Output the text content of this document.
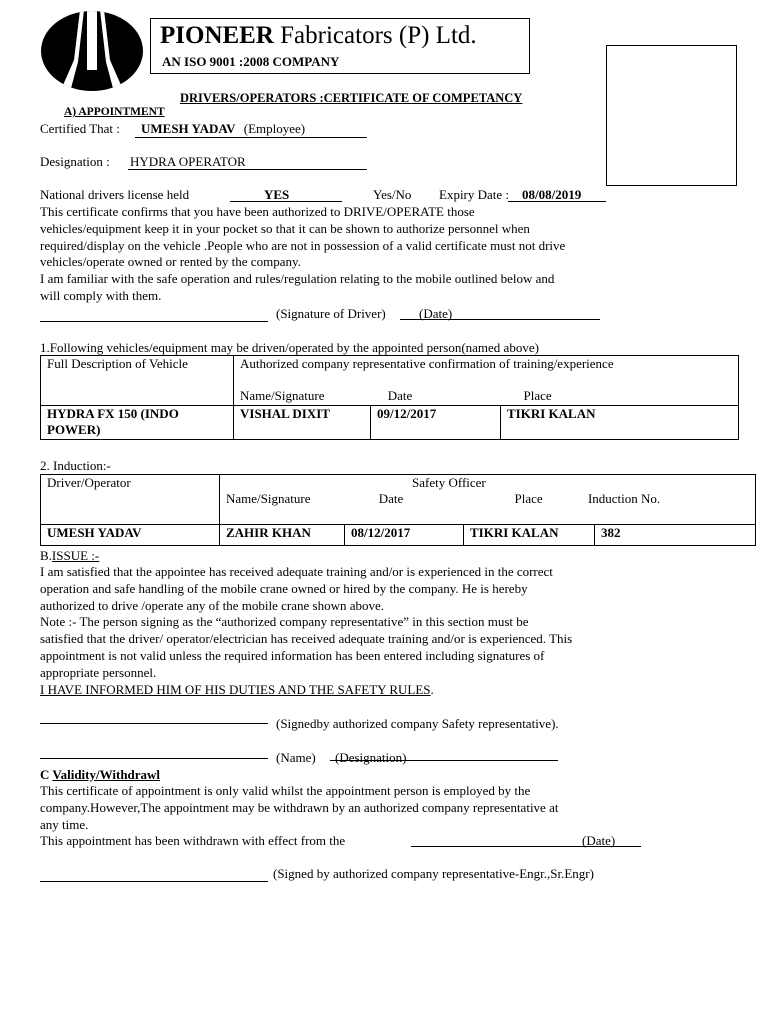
PIONEER Fabricators (P) Ltd.
AN ISO 9001 :2008 COMPANY
DRIVERS/OPERATORS :CERTIFICATE OF COMPETANCY
A) APPOINTMENT
Certified That : UMESH YADAV (Employee)
Designation : HYDRA OPERATOR
National drivers license held	YES	Yes/No Expiry Date : 08/08/2019
This certificate confirms that you have been authorized to DRIVE/OPERATE those
vehicles/equipment keep it in your pocket so that it can be shown to authorize personnel when
required/display on the vehicle .People who are not in possession of a valid certificate must not drive
vehicles/operate owned or rented by the company.
I am familiar with the safe operation and rules/regulation relating to the mobile outlined below and
will comply with them.
(Signature of Driver)	(Date)
1.Following vehicles/equipment may be driven/operated by the appointed person(named above)
Full Description of Vehicle	Authorized company representative confirmation of training/experience
Name/Signature Date Place		

HYDRA FX 150 (INDO
POWER)	VISHAL DIXIT	09/12/2017	TIKRI KALAN
2. Induction:-
Driver/Operator	Safety Officer
Name/Signature Date Place Induction No.			

UMESH YADAV	ZAHIR KHAN	08/12/2017	TIKRI KALAN	382
B.ISSUE :-
I am satisfied that the appointee has received adequate training and/or is experienced in the correct
operation and safe handling of the mobile crane owned or hired by the company. He is hereby
authorized to drive /operate any of the mobile crane shown above.
Note :- The person signing as the “authorized company representative” in this section must be
satisfied that the driver/ operator/electrician has received adequate training and/or is experienced. This
appointment is not valid unless the required information has been entered including signatures of
appropriate personnel.
I HAVE INFORMED HIM OF HIS DUTIES AND THE SAFETY RULES.
(Signedby authorized company Safety representative).
(Name) (Designation)
C Validity/Withdrawl
This certificate of appointment is only valid whilst the appointment person is employed by the
company.However,The appointment may be withdrawn by an authorized company representative at
any time.
This appointment has been withdrawn with effect from the	(Date)
(Signed by authorized company representative-Engr.,Sr.Engr)
